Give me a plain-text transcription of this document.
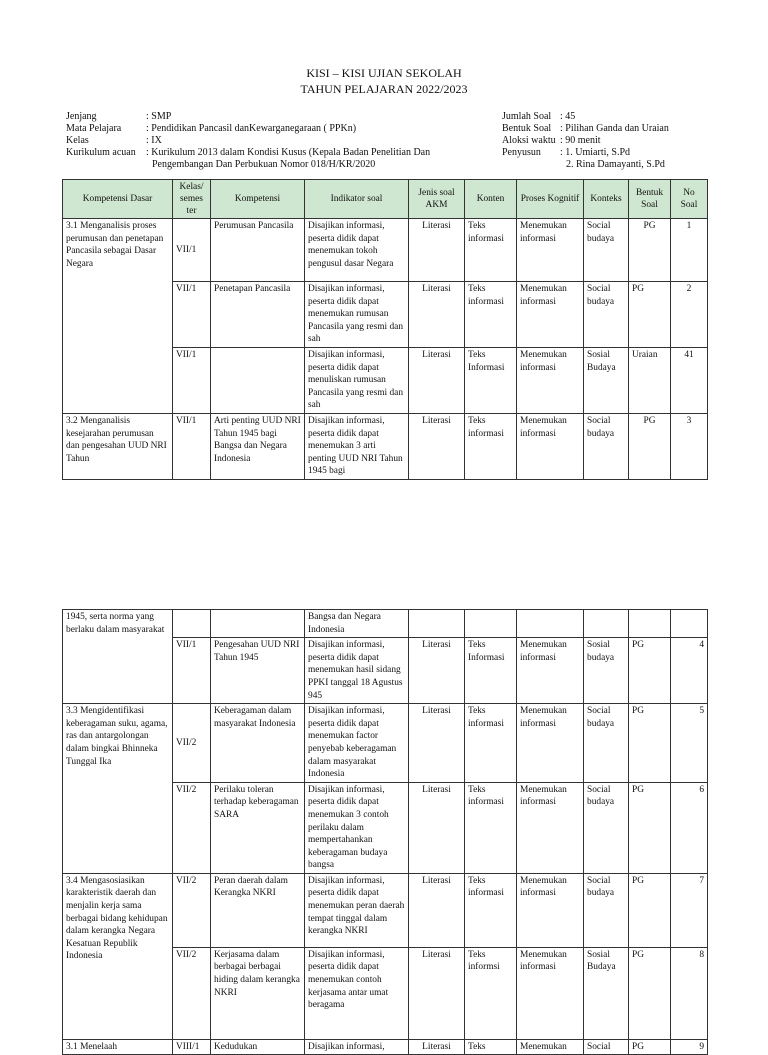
KISI – KISI UJIAN SEKOLAH
TAHUN PELAJARAN 2022/2023
Jenjang	: SMP
Mata Pelajara : Pendidikan Pancasil danKewarganegaraan ( PPKn)
Kelas	: IX
Kurikulum acuan : Kurikulum 2013 dalam Kondisi Kusus (Kepala Badan Penelitian Dan
Pengembangan Dan Perbukuan Nomor 018/H/KR/2020
Jumlah Soal : 45
Bentuk Soal : Pilihan Ganda dan Uraian
Aloksi waktu : 90 menit
Penyusun : 1. Umiarti, S.Pd
2. Rina Damayanti, S.Pd
Kompetensi Dasar	Kelas/ semes ter	Kompetensi	Indikator soal	Jenis soal AKM	Konten	Proses Kognitif	Konteks	Bentuk Soal	No Soal
3.1 Menganalisis proses perumusan dan penetapan Pancasila sebagai Dasar Negara	VII/1	Perumusan Pancasila	Disajikan informasi, peserta didik dapat menemukan tokoh pengusul dasar Negara	Literasi	Teks informasi	Menemukan informasi	Social budaya	PG	1
	VII/1	Penetapan Pancasila	Disajikan informasi, peserta didik dapat menemukan rumusan Pancasila yang resmi dan sah	Literasi	Teks informasi	Menemukan informasi	Social budaya	PG	2
	VII/1		Disajikan informasi, peserta didik dapat menuliskan rumusan Pancasila yang resmi dan sah	Literasi	Teks Informasi	Menemukan informasi	Sosial Budaya	Uraian	41
3.2 Menganalisis kesejarahan perumusan dan pengesahan UUD NRI Tahun	VII/1	Arti penting UUD NRI Tahun 1945 bagi Bangsa dan Negara Indonesia	Disajikan informasi, peserta didik dapat menemukan 3 arti penting UUD NRI Tahun 1945 bagi	Literasi	Teks informasi	Menemukan informasi	Social budaya	PG	3
1945, serta norma yang berlaku dalam masyarakat			Bangsa dan Negara Indonesia						
	VII/1	Pengesahan UUD NRI Tahun 1945	Disajikan informasi, peserta didik dapat menemukan hasil sidang PPKI tanggal 18 Agustus 945	Literasi	Teks Informasi	Menemukan informasi	Sosial budaya	PG	4
3.3 Mengidentifikasi keberagaman suku, agama, ras dan antargolongan dalam bingkai Bhinneka Tunggal Ika	VII/2	Keberagaman dalam masyarakat Indonesia	Disajikan informasi, peserta didik dapat menemukan factor penyebab keberagaman dalam masyarakat Indonesia	Literasi	Teks informasi	Menemukan informasi	Social budaya	PG	5
	VII/2	Perilaku toleran terhadap keberagaman SARA	Disajikan informasi, peserta didik dapat menemukan 3 contoh perilaku dalam mempertahankan keberagaman budaya bangsa	Literasi	Teks informasi	Menemukan informasi	Social budaya	PG	6
3.4 Mengasosiasikan karakteristik daerah dan menjalin kerja sama berbagai bidang kehidupan dalam kerangka Negara Kesatuan Republik Indonesia	VII/2	Peran daerah dalam Kerangka NKRI	Disajikan informasi, peserta didik dapat menemukan peran daerah tempat tinggal dalam kerangka NKRI	Literasi	Teks informasi	Menemukan informasi	Social budaya	PG	7
	VII/2	Kerjasama dalam berbagai berbagai hiding dalam kerangka NKRI	Disajikan informasi, peserta didik dapat menemukan contoh kerjasama antar umat beragama	Literasi	Teks informsi	Menemukan informasi	Sosial Budaya	PG	8
3.1 Menelaah	VIII/1	Kedudukan	Disajikan informasi,	Literasi	Teks	Menemukan	Social	PG	9
